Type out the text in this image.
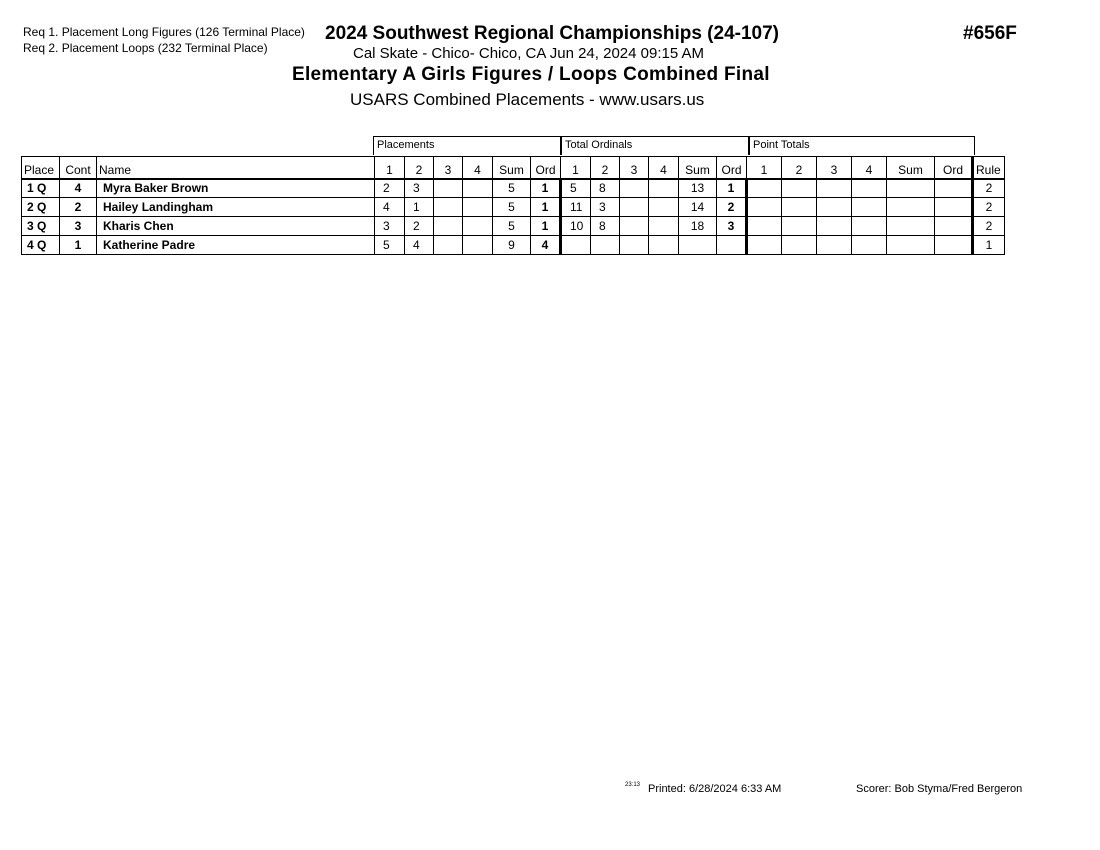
Req 1. Placement Long Figures (126 Terminal Place)
Req 2. Placement Loops (232 Terminal Place)
2024 Southwest Regional Championships (24-107)	#656F
Cal Skate - Chico- Chico, CA Jun 24, 2024 09:15 AM
Elementary A Girls Figures / Loops Combined Final
USARS Combined Placements - www.usars.us
Placements	Total Ordinals	Point Totals
Place	Cont	Name	1	2	3	4	Sum	Ord	1	2	3	4	Sum	Ord	1	2	3	4	Sum	Ord	Rule
1 Q	4	Myra Baker Brown	2	3			5	1	5	8			13	1							2
2 Q	2	Hailey Landingham	4	1			5	1	11	3			14	2							2
3 Q	3	Kharis Chen	3	2			5	1	10	8			18	3							2
4 Q	1	Katherine Padre	5	4			9	4													1
23:13 Printed: 6/28/2024 6:33 AM	Scorer: Bob Styma/Fred Bergeron
